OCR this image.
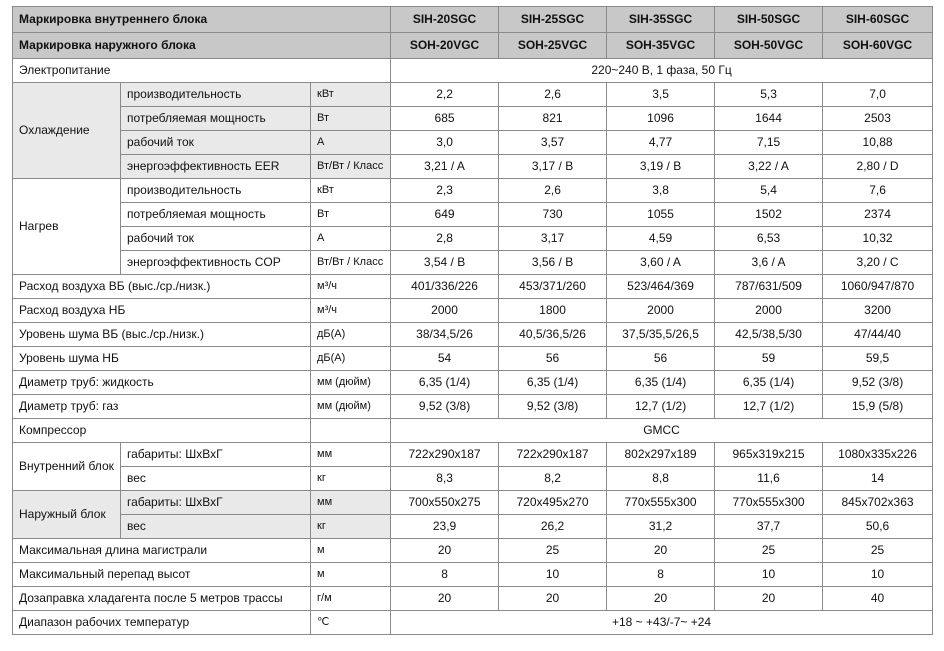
Маркировка внутреннего блока			SIH-20SGC	SIH-25SGC	SIH-35SGC	SIH-50SGC	SIH-60SGC
Маркировка наружного блока			SOH-20VGC	SOH-25VGC	SOH-35VGC	SOH-50VGC	SOH-60VGC
Электропитание			220~240 В, 1 фаза, 50 Гц				
Охлаждение	производительность	кВт	2,2	2,6	3,5	5,3	7,0
	потребляемая мощность	Вт	685	821	1096	1644	2503
	рабочий ток	А	3,0	3,57	4,77	7,15	10,88
	энергоэффективность EER	Вт/Вт / Класс	3,21 / A	3,17 / B	3,19 / B	3,22 / A	2,80 / D
Нагрев	производительность	кВт	2,3	2,6	3,8	5,4	7,6
	потребляемая мощность	Вт	649	730	1055	1502	2374
	рабочий ток	А	2,8	3,17	4,59	6,53	10,32
	энергоэффективность COP	Вт/Вт / Класс	3,54 / B	3,56 / B	3,60 / A	3,6 / A	3,20 / C
Расход воздуха ВБ (выс./ср./низк.)		м³/ч	401/336/226	453/371/260	523/464/369	787/631/509	1060/947/870
Расход воздуха НБ		м³/ч	2000	1800	2000	2000	3200
Уровень шума ВБ (выс./ср./низк.)		дБ(А)	38/34,5/26	40,5/36,5/26	37,5/35,5/26,5	42,5/38,5/30	47/44/40
Уровень шума НБ		дБ(А)	54	56	56	59	59,5
Диаметр труб: жидкость		мм (дюйм)	6,35 (1/4)	6,35 (1/4)	6,35 (1/4)	6,35 (1/4)	9,52 (3/8)
Диаметр труб: газ		мм (дюйм)	9,52 (3/8)	9,52 (3/8)	12,7 (1/2)	12,7 (1/2)	15,9 (5/8)
Компрессор			GMCC				
Внутренний блок	габариты: ШхВхГ	мм	722x290x187	722x290x187	802x297x189	965x319x215	1080x335x226
	вес	кг	8,3	8,2	8,8	11,6	14
Наружный блок	габариты: ШхВхГ	мм	700x550x275	720x495x270	770x555x300	770x555x300	845x702x363
	вес	кг	23,9	26,2	31,2	37,7	50,6
Максимальная длина магистрали		м	20	25	20	25	25
Максимальный перепад высот		м	8	10	8	10	10
Дозаправка хладагента после 5 метров трассы		г/м	20	20	20	20	40
Диапазон рабочих температур		℃	+18 ~ +43/-7~ +24				
